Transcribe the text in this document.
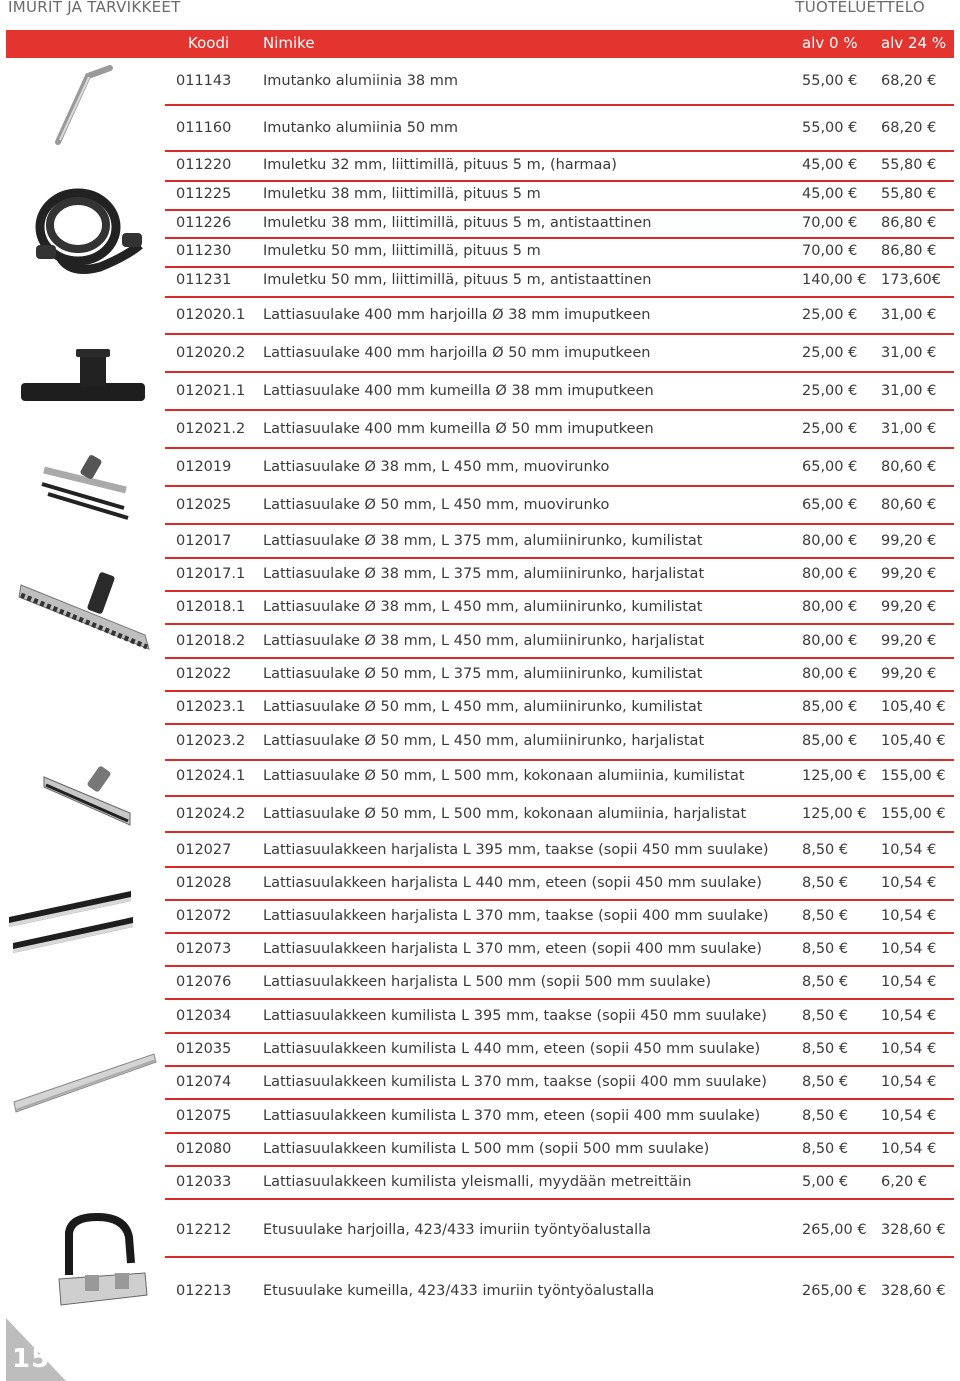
IMURIT JA TARVIKKEET	TUOTELUETTELO
Koodi Nimike	alv 0 % alv 24 %
011143 Imutanko alumiinia 38 mm	55,00 € 68,20 €
011160 Imutanko alumiinia 50 mm	55,00 € 68,20 €
011220 Imuletku 32 mm, liittimillä, pituus 5 m, (harmaa)	45,00 € 55,80 €
011225 Imuletku 38 mm, liittimillä, pituus 5 m	45,00 € 55,80 €
011226 Imuletku 38 mm, liittimillä, pituus 5 m, antistaattinen	70,00 € 86,80 €
011230 Imuletku 50 mm, liittimillä, pituus 5 m	70,00 € 86,80 €
011231 Imuletku 50 mm, liittimillä, pituus 5 m, antistaattinen	140,00 € 173,60€
012020.1 Lattiasuulake 400 mm harjoilla Ø 38 mm imuputkeen	25,00 € 31,00 €
012020.2 Lattiasuulake 400 mm harjoilla Ø 50 mm imuputkeen	25,00 € 31,00 €
012021.1 Lattiasuulake 400 mm kumeilla Ø 38 mm imuputkeen	25,00 € 31,00 €
012021.2 Lattiasuulake 400 mm kumeilla Ø 50 mm imuputkeen	25,00 € 31,00 €
012019 Lattiasuulake Ø 38 mm, L 450 mm, muovirunko	65,00 € 80,60 €
012025 Lattiasuulake Ø 50 mm, L 450 mm, muovirunko	65,00 € 80,60 €
012017 Lattiasuulake Ø 38 mm, L 375 mm, alumiinirunko, kumilistat	80,00 € 99,20 €
012017.1 Lattiasuulake Ø 38 mm, L 375 mm, alumiinirunko, harjalistat	80,00 € 99,20 €
012018.1 Lattiasuulake Ø 38 mm, L 450 mm, alumiinirunko, kumilistat	80,00 € 99,20 €
012018.2 Lattiasuulake Ø 38 mm, L 450 mm, alumiinirunko, harjalistat	80,00 € 99,20 €
012022 Lattiasuulake Ø 50 mm, L 375 mm, alumiinirunko, kumilistat	80,00 € 99,20 €
012023.1 Lattiasuulake Ø 50 mm, L 450 mm, alumiinirunko, kumilistat	85,00 € 105,40 €
012023.2 Lattiasuulake Ø 50 mm, L 450 mm, alumiinirunko, harjalistat	85,00 € 105,40 €
012024.1 Lattiasuulake Ø 50 mm, L 500 mm, kokonaan alumiinia, kumilistat	125,00 € 155,00 €
012024.2 Lattiasuulake Ø 50 mm, L 500 mm, kokonaan alumiinia, harjalistat	125,00 € 155,00 €
012027 Lattiasuulakkeen harjalista L 395 mm, taakse (sopii 450 mm suulake) 8,50 € 10,54 €
012028 Lattiasuulakkeen harjalista L 440 mm, eteen (sopii 450 mm suulake)	8,50 € 10,54 €
012072 Lattiasuulakkeen harjalista L 370 mm, taakse (sopii 400 mm suulake) 8,50 € 10,54 €
012073 Lattiasuulakkeen harjalista L 370 mm, eteen (sopii 400 mm suulake)	8,50 € 10,54 €
012076 Lattiasuulakkeen harjalista L 500 mm (sopii 500 mm suulake)	8,50 € 10,54 €
012034 Lattiasuulakkeen kumilista L 395 mm, taakse (sopii 450 mm suulake) 8,50 € 10,54 €
012035 Lattiasuulakkeen kumilista L 440 mm, eteen (sopii 450 mm suulake)	8,50 € 10,54 €
012074 Lattiasuulakkeen kumilista L 370 mm, taakse (sopii 400 mm suulake) 8,50 € 10,54 €
012075 Lattiasuulakkeen kumilista L 370 mm, eteen (sopii 400 mm suulake)	8,50 € 10,54 €
012080 Lattiasuulakkeen kumilista L 500 mm (sopii 500 mm suulake)	8,50 € 10,54 €
012033 Lattiasuulakkeen kumilista yleismalli, myydään metreittäin	5,00 € 6,20 €
012212 Etusuulake harjoilla, 423/433 imuriin työntyöalustalla	265,00 € 328,60 €
012213 Etusuulake kumeilla, 423/433 imuriin työntyöalustalla	265,00 € 328,60 €
15
